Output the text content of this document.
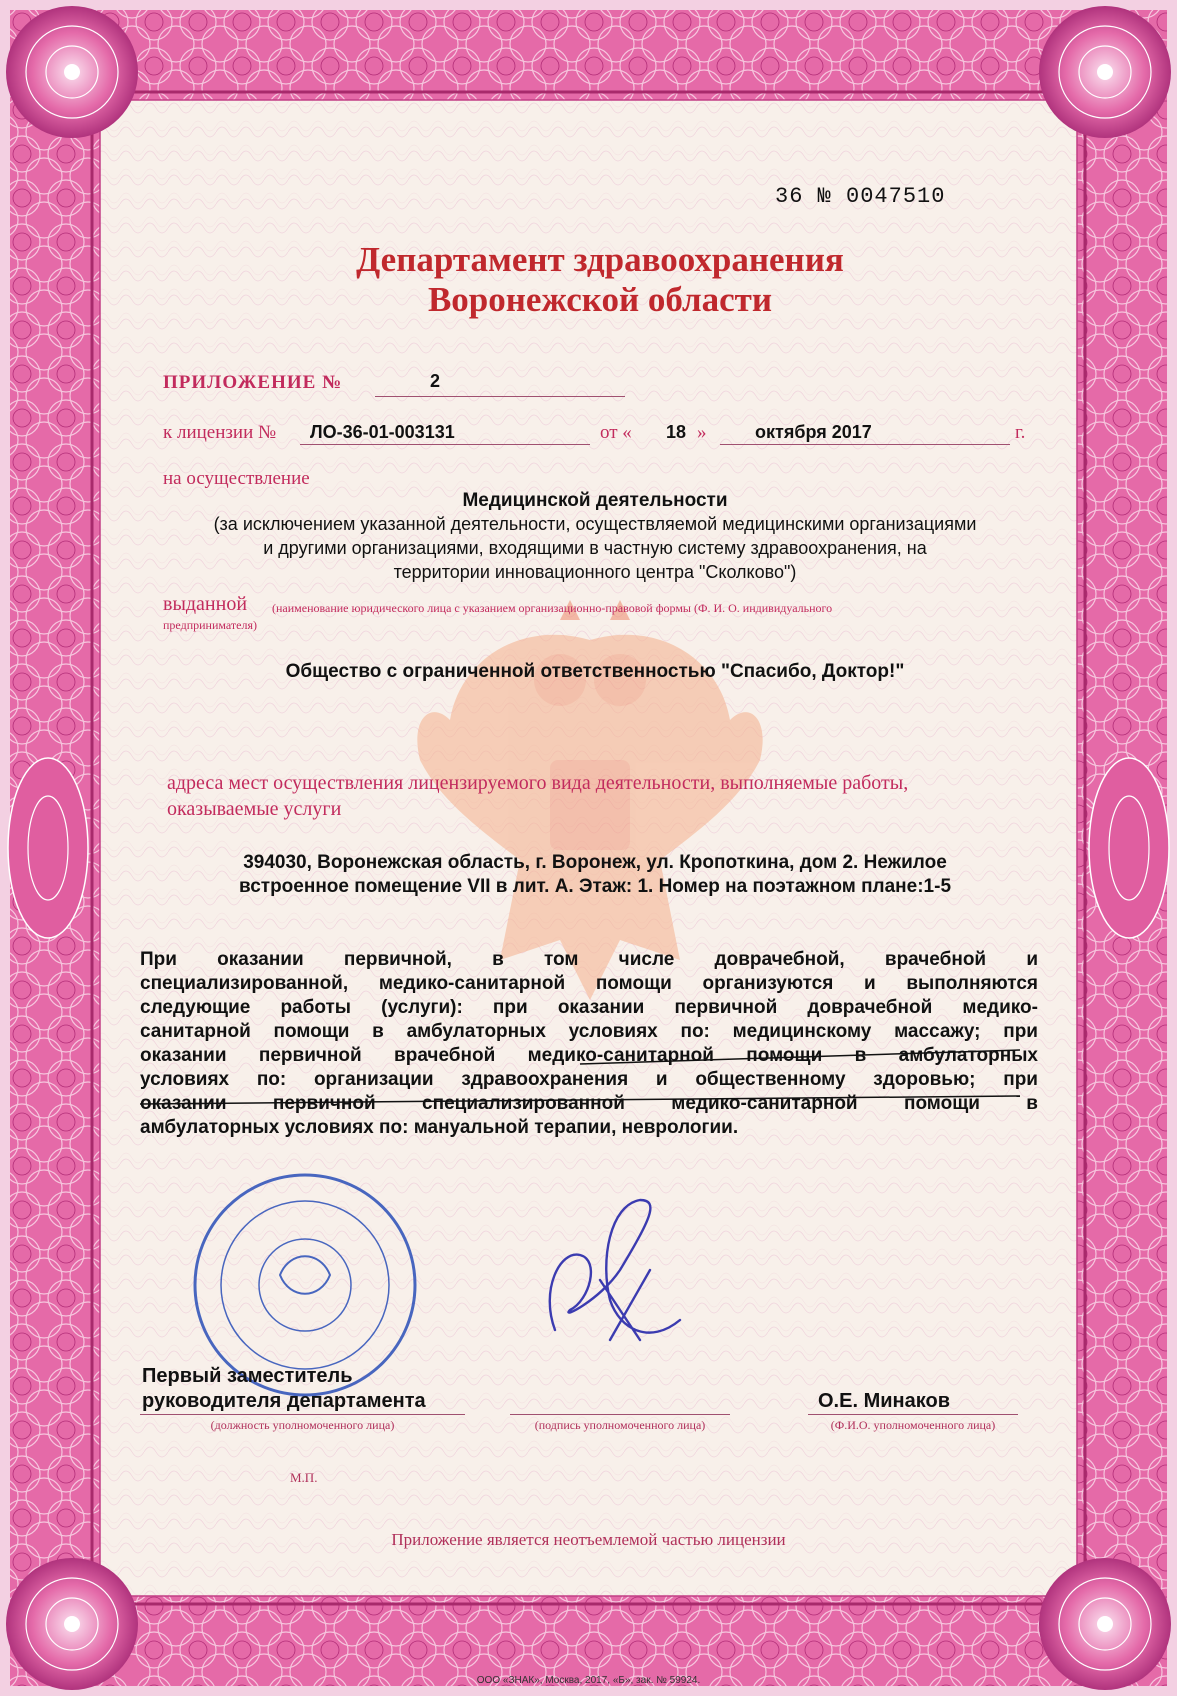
36 № 0047510
Департамент здравоохранения
Воронежской области
ПРИЛОЖЕНИЕ №	2
к лицензии № ЛО-36-01-003131	от « 18 »	октября 2017	г.
на осуществление
Медицинской деятельности
(за исключением указанной деятельности, осуществляемой медицинскими организациями
и другими организациями, входящими в частную систему здравоохранения, на
территории инновационного центра "Сколково")
выданной (наименование юридического лица с указанием организационно-правовой формы (Ф. И. О. индивидуального
предпринимателя)
Общество с ограниченной ответственностью "Спасибо, Доктор!"
адреса мест осуществления лицензируемого вида деятельности, выполняемые работы,
оказываемые услуги
394030, Воронежская область, г. Воронеж, ул. Кропоткина, дом 2. Нежилое
встроенное помещение VII в лит. А. Этаж: 1. Номер на поэтажном плане:1-5
При оказании первичной, в том числе доврачебной, врачебной и
специализированной, медико-санитарной помощи организуются и выполняются
следующие работы (услуги): при оказании первичной доврачебной медико-
санитарной помощи в амбулаторных условиях по: медицинскому массажу; при
оказании первичной врачебной медико-санитарной помощи в амбулаторных
условиях по: организации здравоохранения и общественному здоровью; при
оказании первичной специализированной медико-санитарной помощи в
амбулаторных условиях по: мануальной терапии, неврологии.
Первый заместитель
руководителя департамента
(должность уполномоченного лица)	(подпись уполномоченного лица)
О.Е. Минаков
(Ф.И.О. уполномоченного лица)
М.П.
Приложение является неотъемлемой частью лицензии
ООО «ЗНАК», Москва, 2017, «Б», зак. № 59924.
